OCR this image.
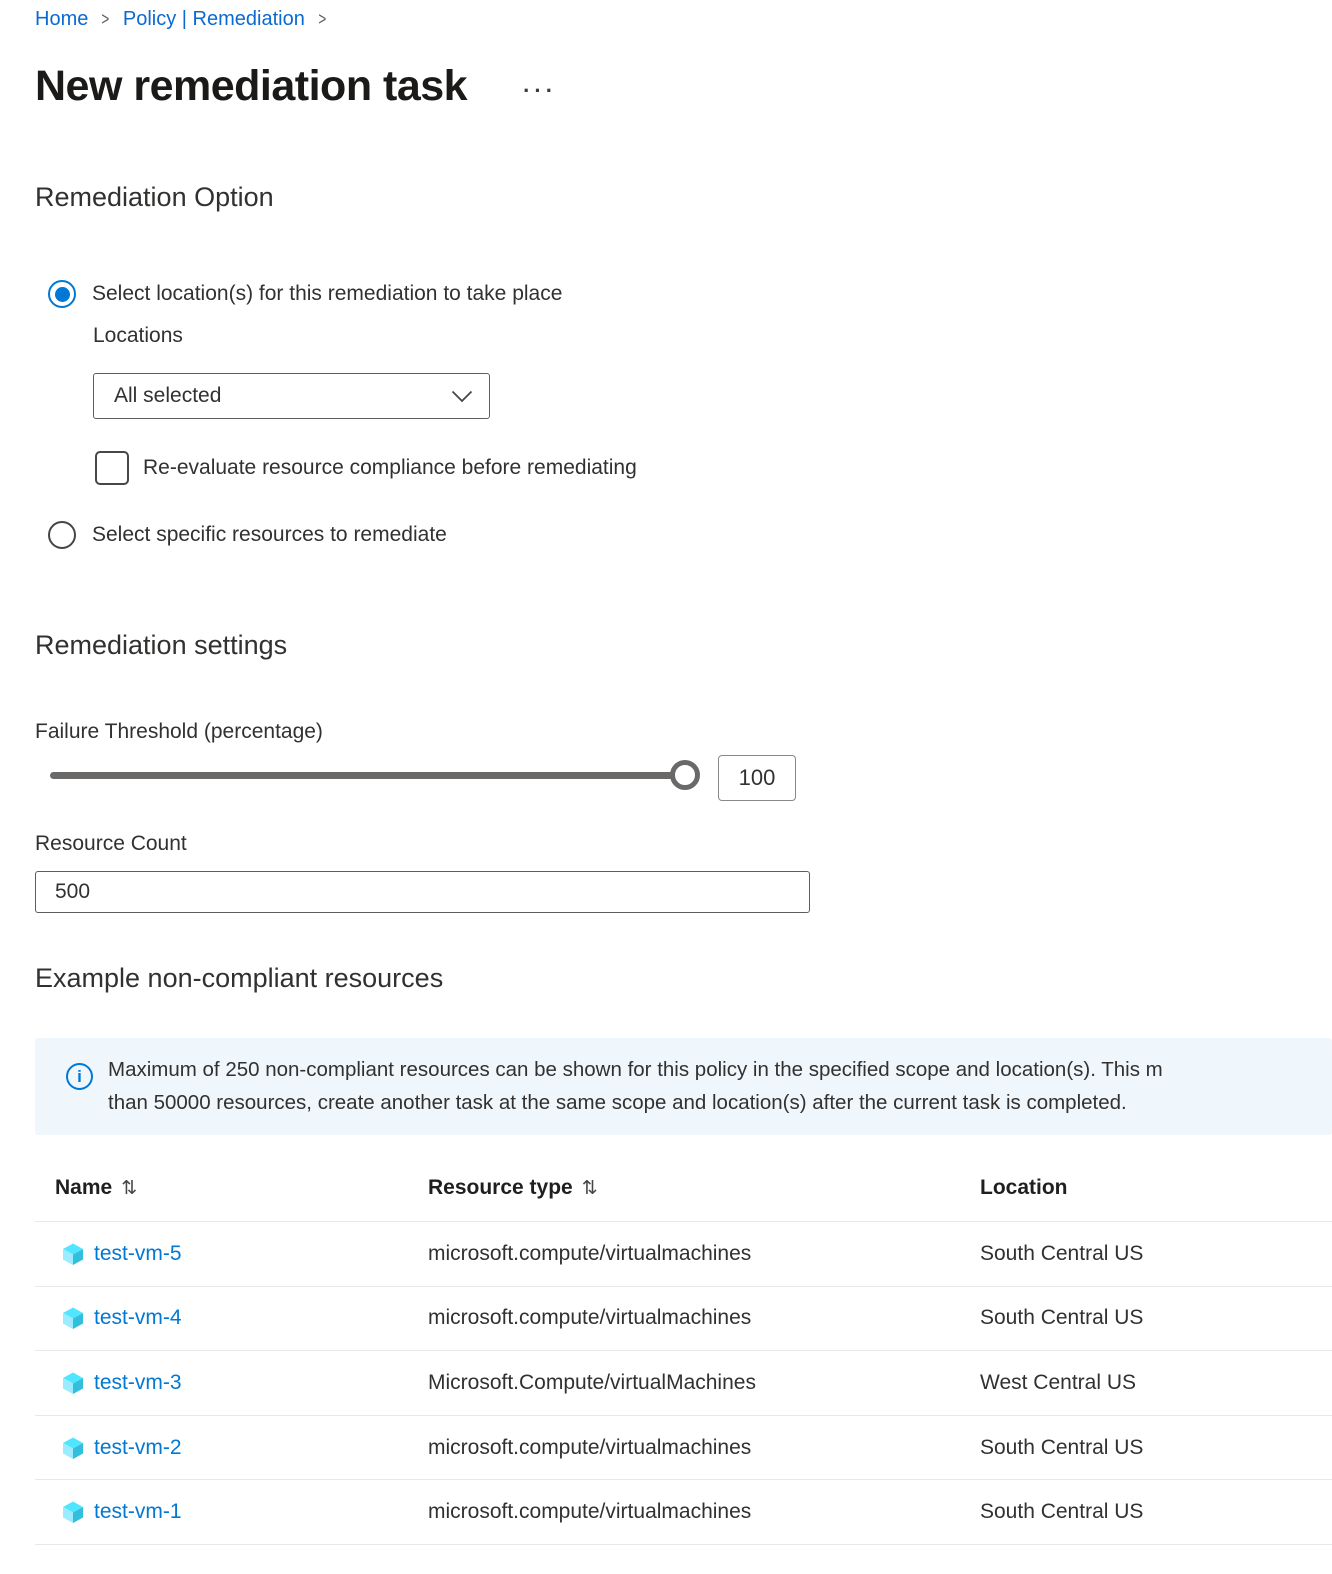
Home > Policy | Remediation >
New remediation task	···
Remediation Option
Select location(s) for this remediation to take place
Locations
All selected
Re-evaluate resource compliance before remediating
Select specific resources to remediate
Remediation settings
Failure Threshold (percentage)
100
Resource Count
500
Example non-compliant resources
i	Maximum of 250 non-compliant resources can be shown for this policy in the specified scope and location(s). This m
than 50000 resources, create another task at the same scope and location(s) after the current task is completed.
Name ⇅	Resource type ⇅	Location
test-vm-5	microsoft.compute/virtualmachines	South Central US
test-vm-4	microsoft.compute/virtualmachines	South Central US
test-vm-3	Microsoft.Compute/virtualMachines	West Central US
test-vm-2	microsoft.compute/virtualmachines	South Central US
test-vm-1	microsoft.compute/virtualmachines	South Central US
